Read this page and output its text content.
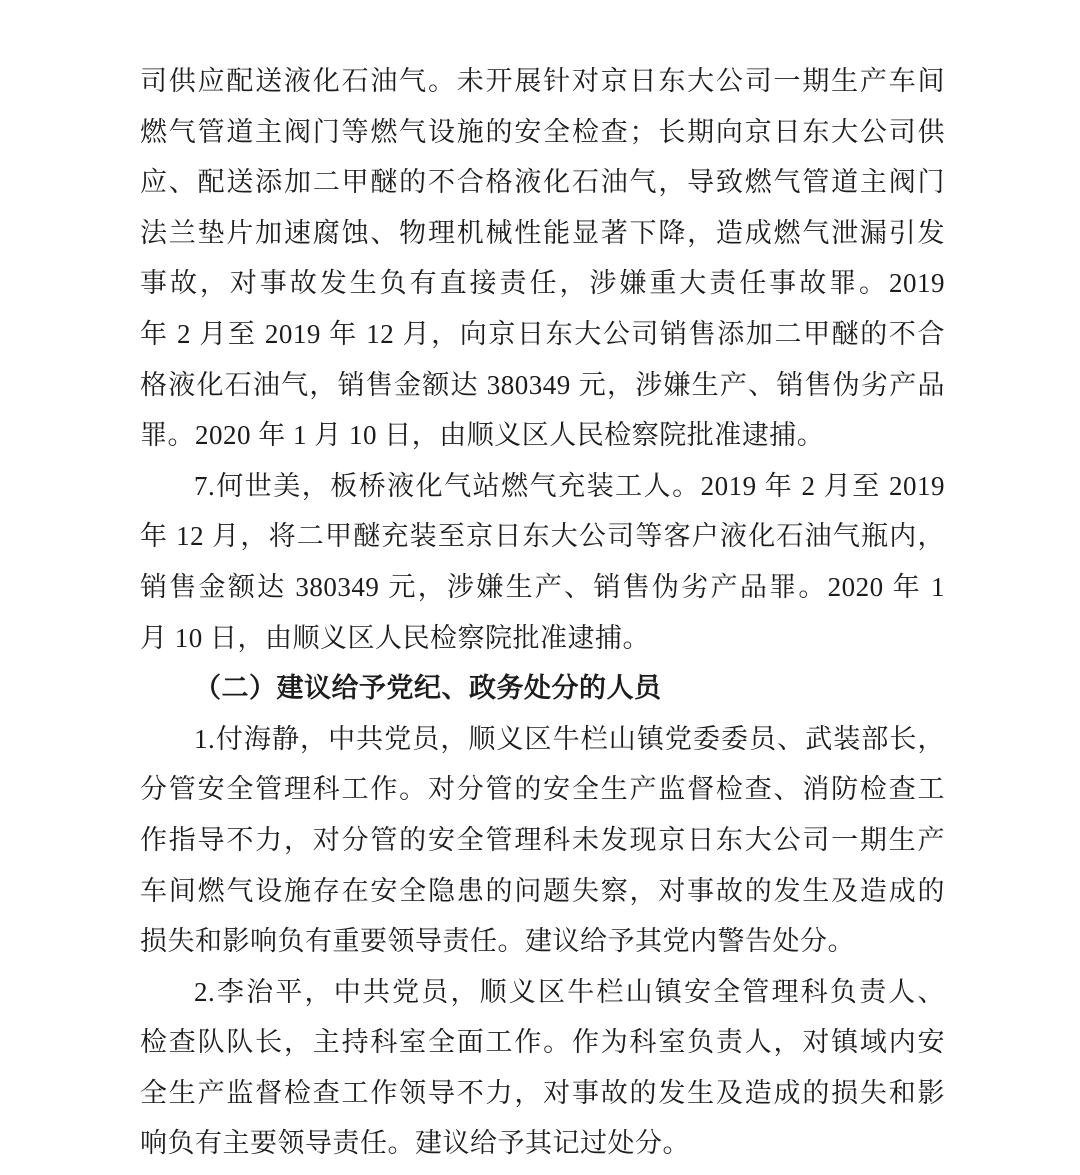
司供应配送液化石油气。未开展针对京日东大公司一期生产车间
燃气管道主阀门等燃气设施的安全检查；长期向京日东大公司供
应、配送添加二甲醚的不合格液化石油气，导致燃气管道主阀门
法兰垫片加速腐蚀、物理机械性能显著下降，造成燃气泄漏引发
事故，对事故发生负有直接责任，涉嫌重大责任事故罪。2019
年 2 月至 2019 年 12 月，向京日东大公司销售添加二甲醚的不合
格液化石油气，销售金额达 380349 元，涉嫌生产、销售伪劣产品
罪。2020 年 1 月 10 日，由顺义区人民检察院批准逮捕。
7.何世美，板桥液化气站燃气充装工人。2019 年 2 月至 2019
年 12 月，将二甲醚充装至京日东大公司等客户液化石油气瓶内，
销售金额达 380349 元，涉嫌生产、销售伪劣产品罪。2020 年 1
月 10 日，由顺义区人民检察院批准逮捕。
（二）建议给予党纪、政务处分的人员
1.付海静，中共党员，顺义区牛栏山镇党委委员、武装部长，
分管安全管理科工作。对分管的安全生产监督检查、消防检查工
作指导不力，对分管的安全管理科未发现京日东大公司一期生产
车间燃气设施存在安全隐患的问题失察，对事故的发生及造成的
损失和影响负有重要领导责任。建议给予其党内警告处分。
2.李治平，中共党员，顺义区牛栏山镇安全管理科负责人、
检查队队长，主持科室全面工作。作为科室负责人，对镇域内安
全生产监督检查工作领导不力，对事故的发生及造成的损失和影
响负有主要领导责任。建议给予其记过处分。
